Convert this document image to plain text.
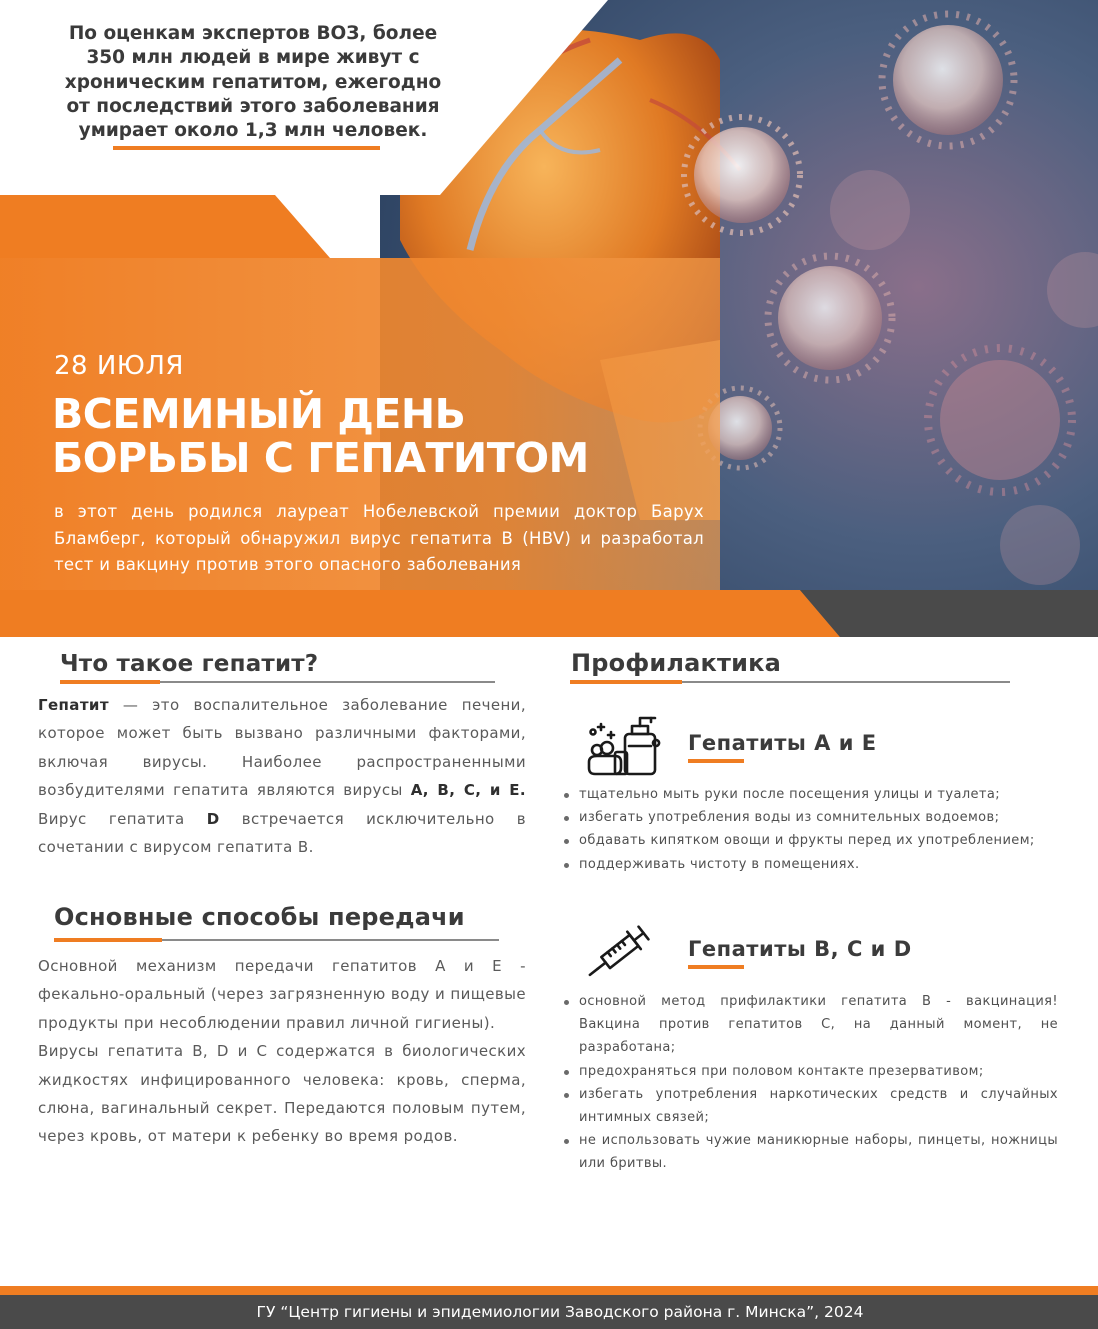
По оценкам экспертов ВОЗ, более 350 млн людей в мире живут с хроническим гепатитом, ежегодно от последствий этого заболевания умирает около 1,3 млн человек.
28 ИЮЛЯ
ВСЕМИНЫЙ ДЕНЬ
БОРЬБЫ С ГЕПАТИТОМ
в этот день родился лауреат Нобелевской премии доктор Барух Бламберг, который обнаружил вирус гепатита В (HBV) и разработал тест и вакцину против этого опасного заболевания
Что такое гепатит?
Гепатит — это воспалительное заболевание печени, которое может быть вызвано различными факторами, включая вирусы. Наиболее распространенными возбудителями гепатита являются вирусы А, В, С, и Е. Вирус гепатита D встречается исключительно в сочетании с вирусом гепатита В.
Основные способы передачи
Основной механизм передачи гепатитов А и Е - фекально-оральный (через загрязненную воду и пищевые продукты при несоблюдении правил личной гигиены).
Вирусы гепатита В, D и С содержатся в биологических жидкостях инфицированного человека: кровь, сперма, слюна, вагинальный секрет. Передаются половым путем, через кровь, от матери к ребенку во время родов.
Профилактика
Гепатиты А и Е
тщательно мыть руки после посещения улицы и туалета;
избегать употребления воды из сомнительных водоемов;
обдавать кипятком овощи и фрукты перед их употреблением;
поддерживать чистоту в помещениях.
Гепатиты В, С и D
основной метод прифилактики гепатита В - вакцинация! Вакцина против гепатитов С, на данный момент, не разработана;
предохраняться при половом контакте презервативом;
избегать употребления наркотических средств и случайных интимных связей;
не использовать чужие маникюрные наборы, пинцеты, ножницы или бритвы.
ГУ “Центр гигиены и эпидемиологии Заводского района г. Минска”, 2024
